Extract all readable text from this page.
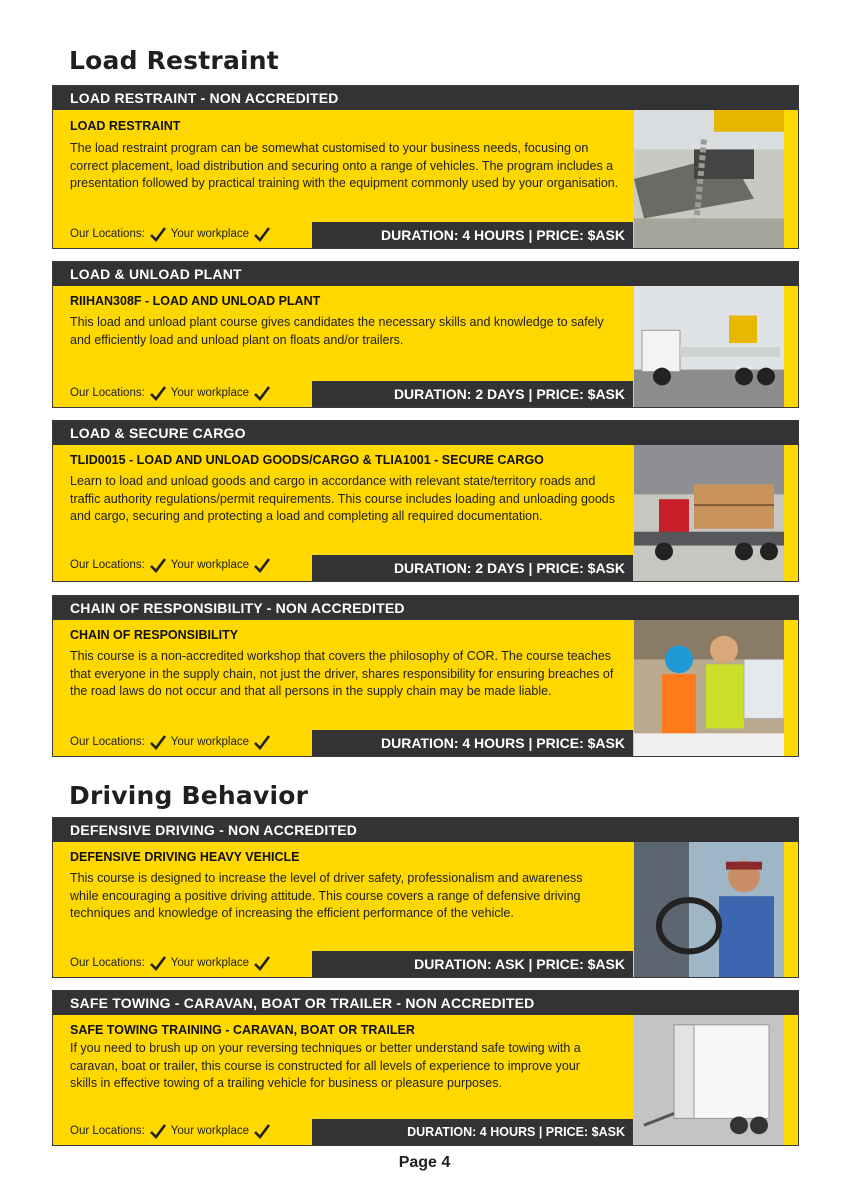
Load Restraint
LOAD RESTRAINT - NON ACCREDITED
LOAD RESTRAINT
The load restraint program can be somewhat customised to your business needs, focusing on correct placement, load distribution and securing onto a range of vehicles. The program includes a presentation followed by practical training with the equipment commonly used by your organisation.
Our Locations: Your workplace	DURATION: 4 HOURS | PRICE: $ASK
LOAD & UNLOAD PLANT
RIIHAN308F - LOAD AND UNLOAD PLANT
This load and unload plant course gives candidates the necessary skills and knowledge to safely and efficiently load and unload plant on floats and/or trailers.
Our Locations: Your workplace	DURATION: 2 DAYS | PRICE: $ASK
LOAD & SECURE CARGO
TLID0015 - LOAD AND UNLOAD GOODS/CARGO & TLIA1001 - SECURE CARGO
Learn to load and unload goods and cargo in accordance with relevant state/territory roads and traffic authority regulations/permit requirements. This course includes loading and unloading goods and cargo, securing and protecting a load and completing all required documentation.
Our Locations: Your workplace	DURATION: 2 DAYS | PRICE: $ASK
CHAIN OF RESPONSIBILITY - NON ACCREDITED
CHAIN OF RESPONSIBILITY
This course is a non-accredited workshop that covers the philosophy of COR. The course teaches that everyone in the supply chain, not just the driver, shares responsibility for ensuring breaches of the road laws do not occur and that all persons in the supply chain may be made liable.
Our Locations: Your workplace	DURATION: 4 HOURS | PRICE: $ASK
Driving Behavior
DEFENSIVE DRIVING - NON ACCREDITED
DEFENSIVE DRIVING HEAVY VEHICLE
This course is designed to increase the level of driver safety, professionalism and awareness while encouraging a positive driving attitude. This course covers a range of defensive driving techniques and knowledge of increasing the efficient performance of the vehicle.
Our Locations: Your workplace	DURATION: ASK | PRICE: $ASK
SAFE TOWING - CARAVAN, BOAT OR TRAILER - NON ACCREDITED
SAFE TOWING TRAINING - CARAVAN, BOAT OR TRAILER
If you need to brush up on your reversing techniques or better understand safe towing with a caravan, boat or trailer, this course is constructed for all levels of experience to improve your skills in effective towing of a trailing vehicle for business or pleasure purposes.
Our Locations: Your workplace	DURATION: 4 HOURS | PRICE: $ASK

Page 4
